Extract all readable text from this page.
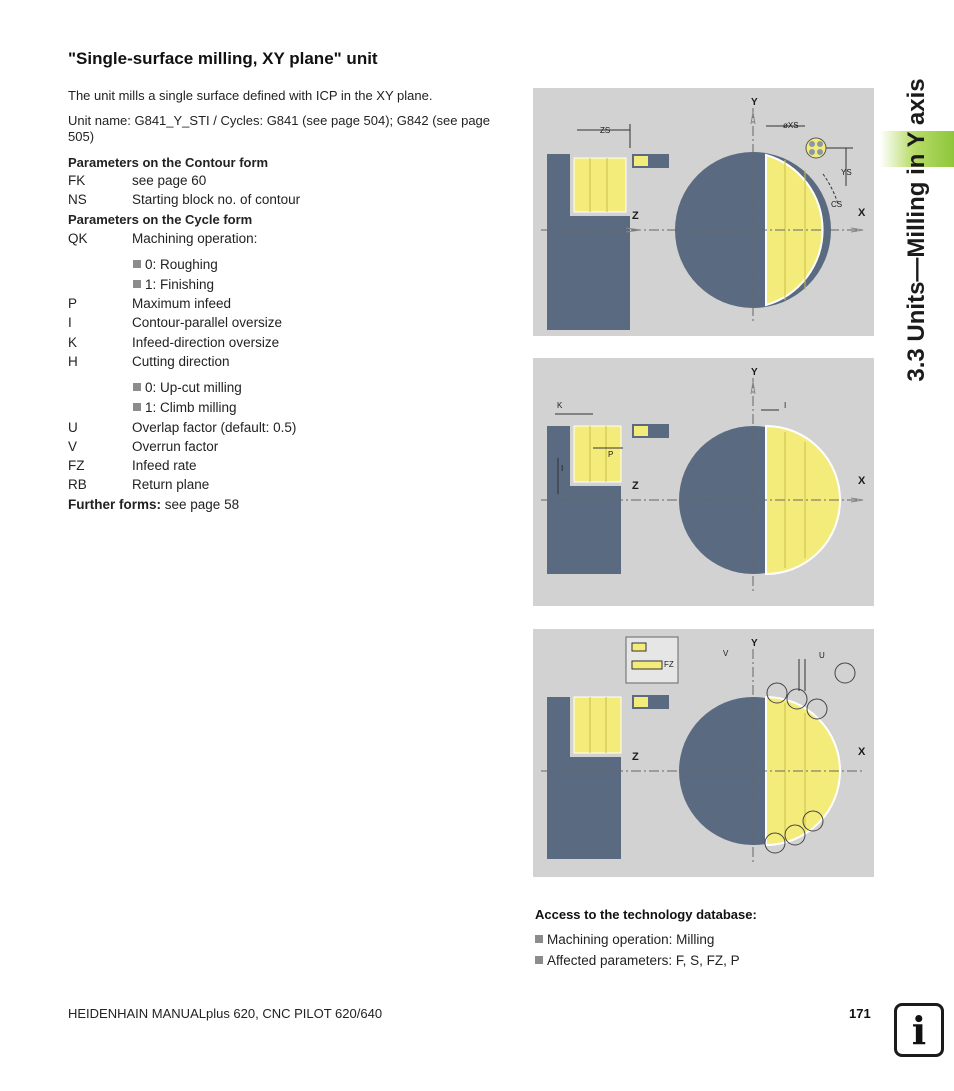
"Single-surface milling, XY plane" unit
The unit mills a single surface defined with ICP in the XY plane.
Unit name: G841_Y_STI / Cycles: G841 (see page 504); G842 (see page 505)
Parameters on the Contour form
FK	see page 60
NS	Starting block no. of contour
Parameters on the Cycle form
QK	Machining operation:
0: Roughing
1: Finishing
P	Maximum infeed
I	Contour-parallel oversize
K	Infeed-direction oversize
H	Cutting direction
0: Up-cut milling
1: Climb milling
U	Overlap factor (default: 0.5)
V	Overrun factor
FZ	Infeed rate
RB	Return plane
Further forms: see page 58
3.3 Units—Milling in Y axis
Y
Z	X
ZS
øXS
YS
CS
Y
Z	X
K	I
I
P
Y
Z	X
V	U
FZ
Access to the technology database:
Machining operation: Milling
Affected parameters: F, S, FZ, P
HEIDENHAIN MANUALplus 620, CNC PILOT 620/640	171	i
